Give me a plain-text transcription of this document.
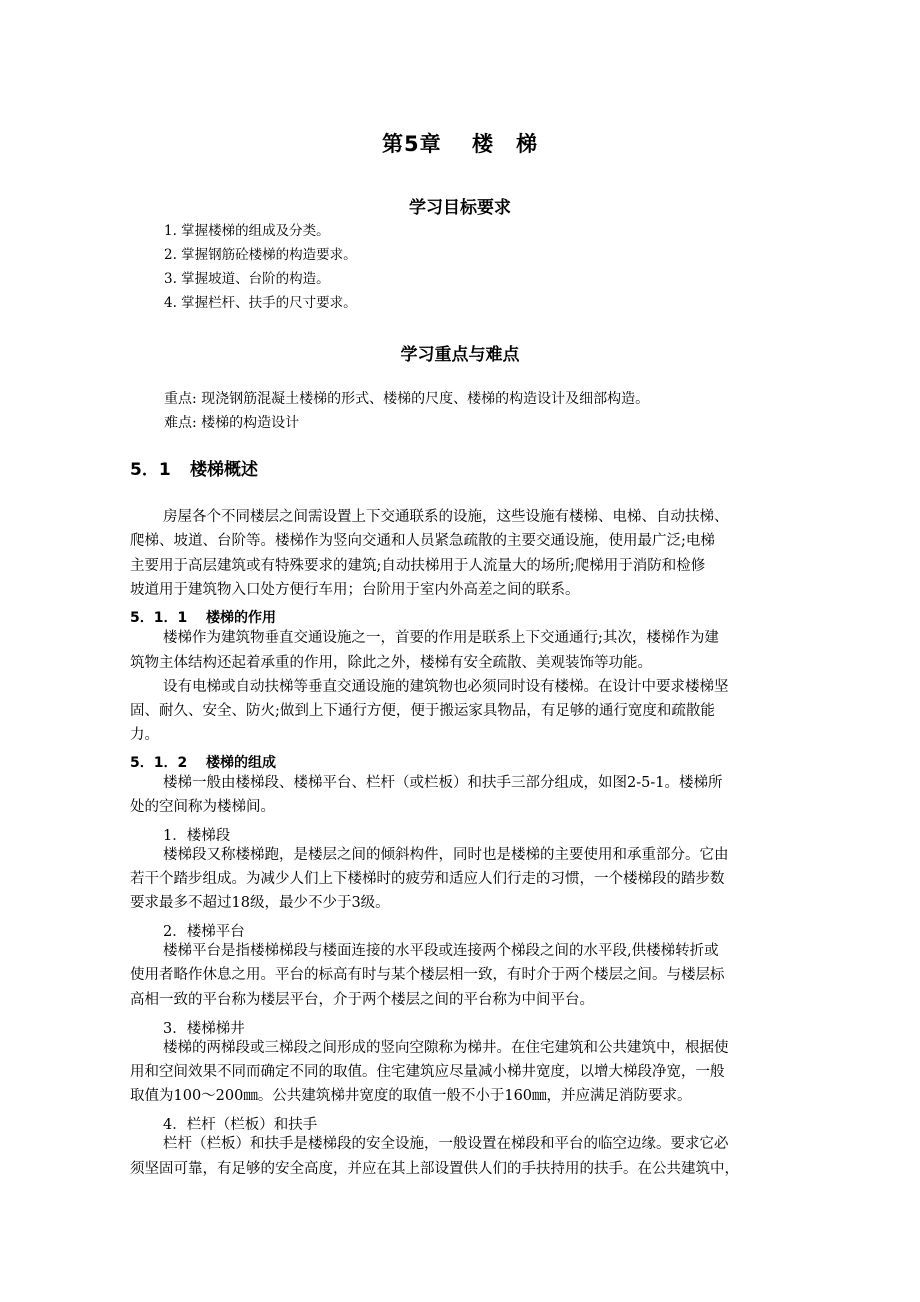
第5章　 楼　梯
学习目标要求
1. 掌握楼梯的组成及分类。
2. 掌握钢筋砼楼梯的构造要求。
3. 掌握坡道、台阶的构造。
4. 掌握栏杆、扶手的尺寸要求。
学习重点与难点
重点: 现浇钢筋混凝土楼梯的形式、楼梯的尺度、楼梯的构造设计及细部构造。
难点: 楼梯的构造设计
5．1 楼梯概述
房屋各个不同楼层之间需设置上下交通联系的设施，这些设施有楼梯、电梯、自动扶梯、
爬梯、坡道、台阶等。楼梯作为竖向交通和人员紧急疏散的主要交通设施，使用最广泛;电梯
主要用于高层建筑或有特殊要求的建筑;自动扶梯用于人流量大的场所;爬梯用于消防和检修
坡道用于建筑物入口处方便行车用；台阶用于室内外高差之间的联系。
5．1．1 楼梯的作用
楼梯作为建筑物垂直交通设施之一，首要的作用是联系上下交通通行;其次，楼梯作为建
筑物主体结构还起着承重的作用，除此之外，楼梯有安全疏散、美观装饰等功能。
设有电梯或自动扶梯等垂直交通设施的建筑物也必须同时设有楼梯。在设计中要求楼梯坚
固、耐久、安全、防火;做到上下通行方便，便于搬运家具物品，有足够的通行宽度和疏散能
力。
5．1．2 楼梯的组成
楼梯一般由楼梯段、楼梯平台、栏杆（或栏板）和扶手三部分组成，如图2-5-1。楼梯所
处的空间称为楼梯间。
1．楼梯段
楼梯段又称楼梯跑，是楼层之间的倾斜构件，同时也是楼梯的主要使用和承重部分。它由
若干个踏步组成。为减少人们上下楼梯时的疲劳和适应人们行走的习惯，一个楼梯段的踏步数
要求最多不超过18级，最少不少于3级。
2．楼梯平台
楼梯平台是指楼梯梯段与楼面连接的水平段或连接两个梯段之间的水平段,供楼梯转折或
使用者略作休息之用。平台的标高有时与某个楼层相一致，有时介于两个楼层之间。与楼层标
高相一致的平台称为楼层平台，介于两个楼层之间的平台称为中间平台。
3．楼梯梯井
楼梯的两梯段或三梯段之间形成的竖向空隙称为梯井。在住宅建筑和公共建筑中，根据使
用和空间效果不同而确定不同的取值。住宅建筑应尽量减小梯井宽度，以增大梯段净宽，一般
取值为100～200㎜。公共建筑梯井宽度的取值一般不小于160㎜，并应满足消防要求。
4．栏杆（栏板）和扶手
栏杆（栏板）和扶手是楼梯段的安全设施，一般设置在梯段和平台的临空边缘。要求它必
须坚固可靠，有足够的安全高度，并应在其上部设置供人们的手扶持用的扶手。在公共建筑中，
